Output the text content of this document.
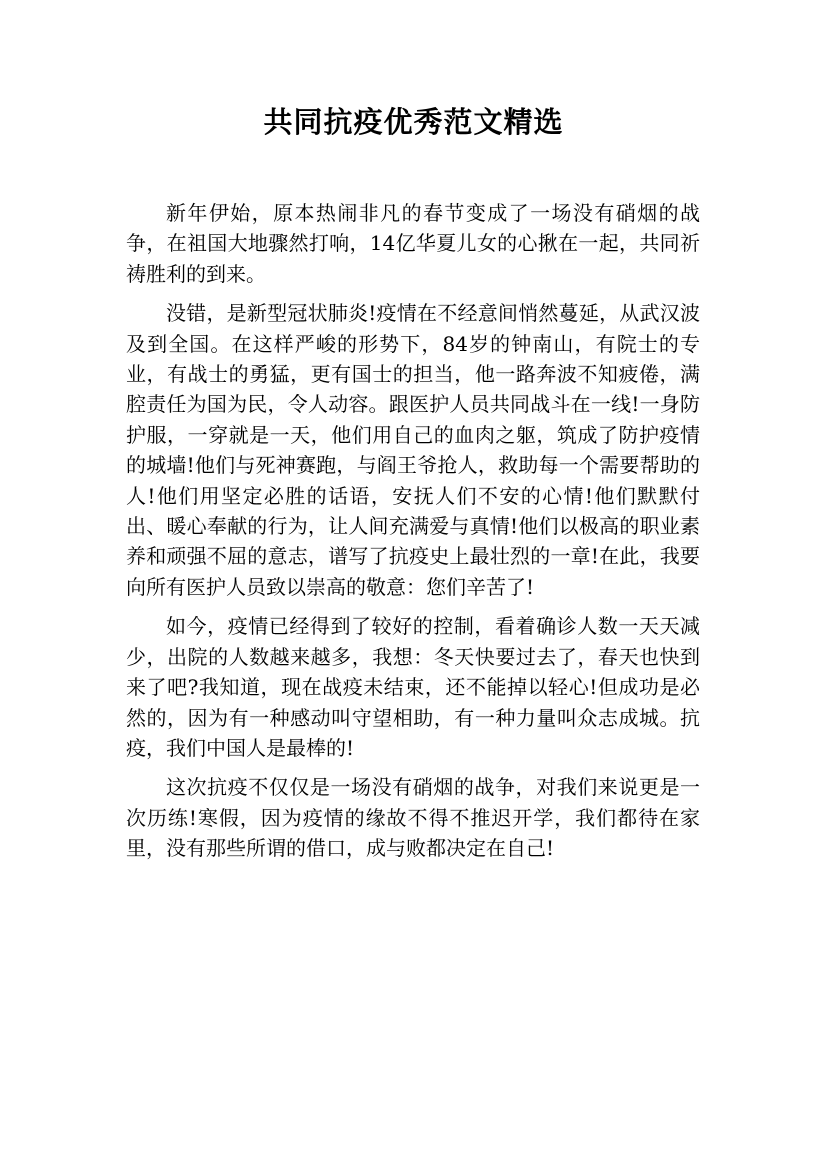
共同抗疫优秀范文精选

新年伊始，原本热闹非凡的春节变成了一场没有硝烟的战争，在祖国大地骤然打响，14亿华夏儿女的心揪在一起，共同祈祷胜利的到来。

没错，是新型冠状肺炎!疫情在不经意间悄然蔓延，从武汉波及到全国。在这样严峻的形势下，84岁的钟南山，有院士的专业，有战士的勇猛，更有国士的担当，他一路奔波不知疲倦，满腔责任为国为民，令人动容。跟医护人员共同战斗在一线!一身防护服，一穿就是一天，他们用自己的血肉之躯，筑成了防护疫情的城墙!他们与死神赛跑，与阎王爷抢人，救助每一个需要帮助的人!他们用坚定必胜的话语，安抚人们不安的心情!他们默默付出、暖心奉献的行为，让人间充满爱与真情!他们以极高的职业素养和顽强不屈的意志，谱写了抗疫史上最壮烈的一章!在此，我要向所有医护人员致以崇高的敬意：您们辛苦了!

如今，疫情已经得到了较好的控制，看着确诊人数一天天减少，出院的人数越来越多，我想：冬天快要过去了，春天也快到来了吧?我知道，现在战疫未结束，还不能掉以轻心!但成功是必然的，因为有一种感动叫守望相助，有一种力量叫众志成城。抗疫，我们中国人是最棒的!

这次抗疫不仅仅是一场没有硝烟的战争，对我们来说更是一次历练!寒假，因为疫情的缘故不得不推迟开学，我们都待在家里，没有那些所谓的借口，成与败都决定在自己!
